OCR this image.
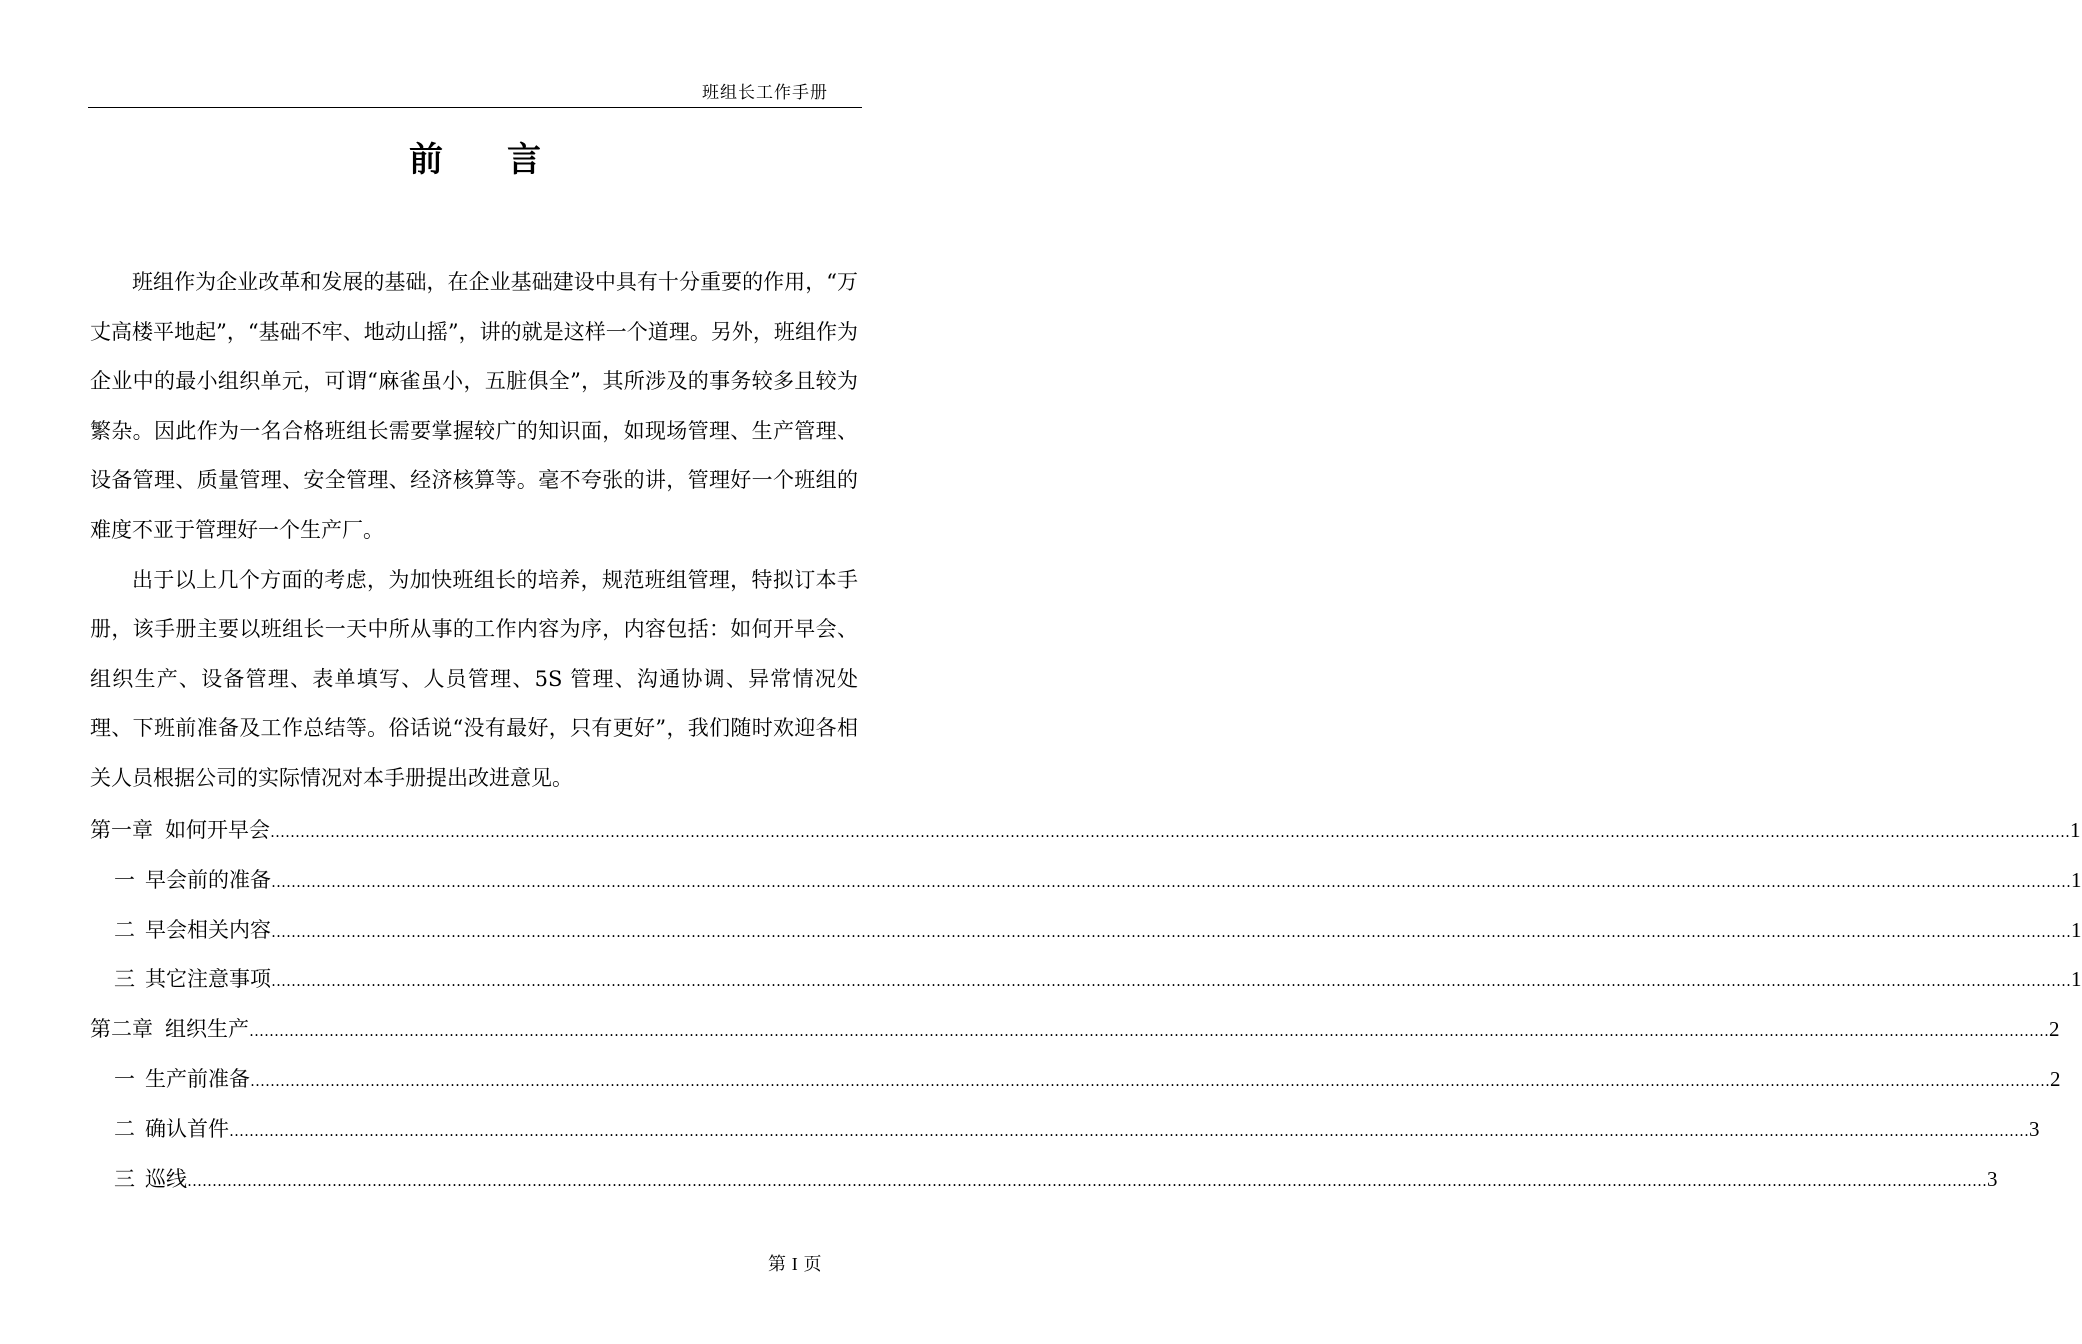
班组长工作手册
前言

班组作为企业改革和发展的基础，在企业基础建设中具有十分重要的作用，“万丈高楼平地起”，“基础不牢、地动山摇”，讲的就是这样一个道理。另外，班组作为企业中的最小组织单元，可谓“麻雀虽小，五脏俱全”，其所涉及的事务较多且较为繁杂。因此作为一名合格班组长需要掌握较广的知识面，如现场管理、生产管理、设备管理、质量管理、安全管理、经济核算等。毫不夸张的讲，管理好一个班组的难度不亚于管理好一个生产厂。

出于以上几个方面的考虑，为加快班组长的培养，规范班组管理，特拟订本手册，该手册主要以班组长一天中所从事的工作内容为序，内容包括：如何开早会、组织生产、设备管理、表单填写、人员管理、5S 管理、沟通协调、异常情况处理、下班前准备及工作总结等。俗话说“没有最好，只有更好”，我们随时欢迎各相关人员根据公司的实际情况对本手册提出改进意见。

第一章 如何开早会 ……………………………………………………………………………………………………………………………………………………………………………………………………………………………………………………………………………………………………………………………… 1
一 早会前的准备 ……………………………………………………………………………………………………………………………………………………………………………………………………………………………………………………………………………………………………………………………… 1
二 早会相关内容 ……………………………………………………………………………………………………………………………………………………………………………………………………………………………………………………………………………………………………………………………… 1
三 其它注意事项 ……………………………………………………………………………………………………………………………………………………………………………………………………………………………………………………………………………………………………………………………… 1
第二章 组织生产 ……………………………………………………………………………………………………………………………………………………………………………………………………………………………………………………………………………………………………………………………… 2
一 生产前准备 ……………………………………………………………………………………………………………………………………………………………………………………………………………………………………………………………………………………………………………………………… 2
二 确认首件 ……………………………………………………………………………………………………………………………………………………………………………………………………………………………………………………………………………………………………………………………… 3
三 巡线 ……………………………………………………………………………………………………………………………………………………………………………………………………………………………………………………………………………………………………………………………… 3
第 I 页
